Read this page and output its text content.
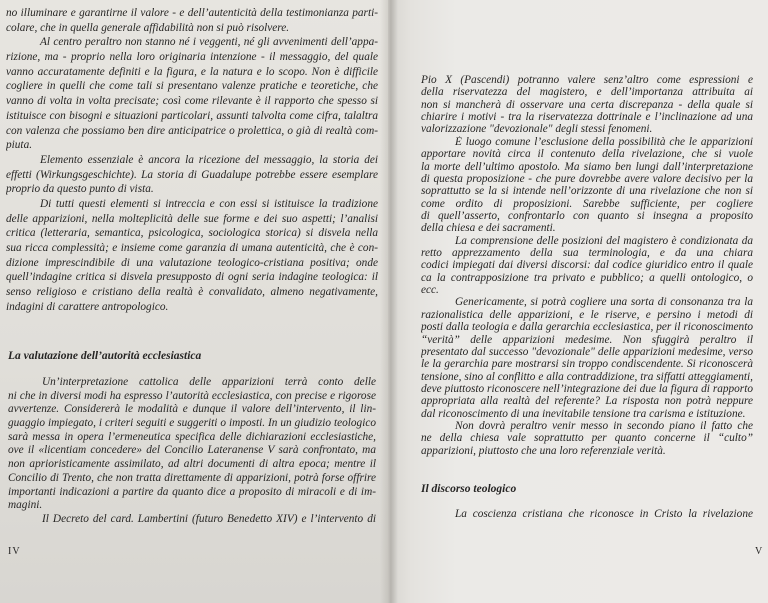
no illuminare e garantirne il valore - e dell’autenticità della testimonianza parti-
colare, che in quella generale affidabilità non si può risolvere.
Al centro peraltro non stanno né i veggenti, né gli avvenimenti dell’appa-
rizione, ma - proprio nella loro originaria intenzione - il messaggio, del quale
vanno accuratamente definiti e la figura, e la natura e lo scopo. Non è difficile
cogliere in quelli che come tali si presentano valenze pratiche e teoretiche, che
vanno di volta in volta precisate; così come rilevante è il rapporto che spesso si
istituisce con bisogni e situazioni particolari, assunti talvolta come cifra, talaltra
con valenza che possiamo ben dire anticipatrice o prolettica, o già di realtà com-
piuta.
Elemento essenziale è ancora la ricezione del messaggio, la storia dei
effetti (Wirkungsgeschichte). La storia di Guadalupe potrebbe essere esemplare
proprio da questo punto di vista.
Di tutti questi elementi si intreccia e con essi si istituisce la tradizione
delle apparizioni, nella molteplicità delle sue forme e dei suo aspetti; l’analisi
critica (letteraria, semantica, psicologica, sociologica storica) si disvela nella
sua ricca complessità; e insieme come garanzia di umana autenticità, che è con-
dizione imprescindibile di una valutazione teologico-cristiana positiva; onde
quell’indagine critica si disvela presupposto di ogni seria indagine teologica: il
senso religioso e cristiano della realtà è convalidato, almeno negativamente,
indagini di carattere antropologico.
La valutazione dell’autorità ecclesiastica
Un’interpretazione cattolica delle apparizioni terrà conto delle
ni che in diversi modi ha espresso l’autorità ecclesiastica, con precise e rigorose
avvertenze. Considererà le modalità e dunque il valore dell’intervento, il lin-
guaggio impiegato, i criteri seguiti e suggeriti o imposti. In un giudizio teologico
sarà messa in opera l’ermeneutica specifica delle dichiarazioni ecclesiastiche,
ove il «licentiam concedere» del Concilio Lateranense V sarà confrontato, ma
non aprioristicamente assimilato, ad altri documenti di altra epoca; mentre il
Concilio di Trento, che non tratta direttamente di apparizioni, potrà forse offrire
importanti indicazioni a partire da quanto dice a proposito di miracoli e di im-
magini.
Il Decreto del card. Lambertini (futuro Benedetto XIV) e l’intervento di
IV
Pio X (Pascendi) potranno valere senz’altro come espressioni e
della riservatezza del magistero, e dell’importanza attribuita ai
non si mancherà di osservare una certa discrepanza - della quale si
chiarire i motivi - tra la riservatezza dottrinale e l’inclinazione ad una
valorizzazione "devozionale" degli stessi fenomeni.
È luogo comune l’esclusione della possibilità che le apparizioni
apportare novità circa il contenuto della rivelazione, che si vuole
la morte dell’ultimo apostolo. Ma siamo ben lungi dall’interpretazione
di questa proposizione - che pure dovrebbe avere valore decisivo per la
soprattutto se la si intende nell’orizzonte di una rivelazione che non si
come ordito di proposizioni. Sarebbe sufficiente, per cogliere
di quell’asserto, confrontarlo con quanto si insegna a proposito
della chiesa e dei sacramenti.
La comprensione delle posizioni del magistero è condizionata da
retto apprezzamento della sua terminologia, e da una chiara
codici impiegati dai diversi discorsi: dal codice giuridico entro il quale
ca la contrapposizione tra privato e pubblico; a quelli ontologico, o
ecc.
Genericamente, si potrà cogliere una sorta di consonanza tra la
razionalistica delle apparizioni, e le riserve, e persino i metodi di
posti dalla teologia e dalla gerarchia ecclesiastica, per il riconoscimento
“verità” delle apparizioni medesime. Non sfuggirà peraltro il
presentato dal successo "devozionale" delle apparizioni medesime, verso
le la gerarchia pare mostrarsi sin troppo condiscendente. Si riconoscerà
tensione, sino al conflitto e alla contraddizione, tra siffatti atteggiamenti,
deve piuttosto riconoscere nell’integrazione dei due la figura di rapporto
appropriata alla realtà del referente? La risposta non potrà neppure
dal riconoscimento di una inevitabile tensione tra carisma e istituzione.
Non dovrà peraltro venir messo in secondo piano il fatto che
ne della chiesa vale soprattutto per quanto concerne il “culto”
apparizioni, piuttosto che una loro referenziale verità.
Il discorso teologico
La coscienza cristiana che riconosce in Cristo la rivelazione
V
